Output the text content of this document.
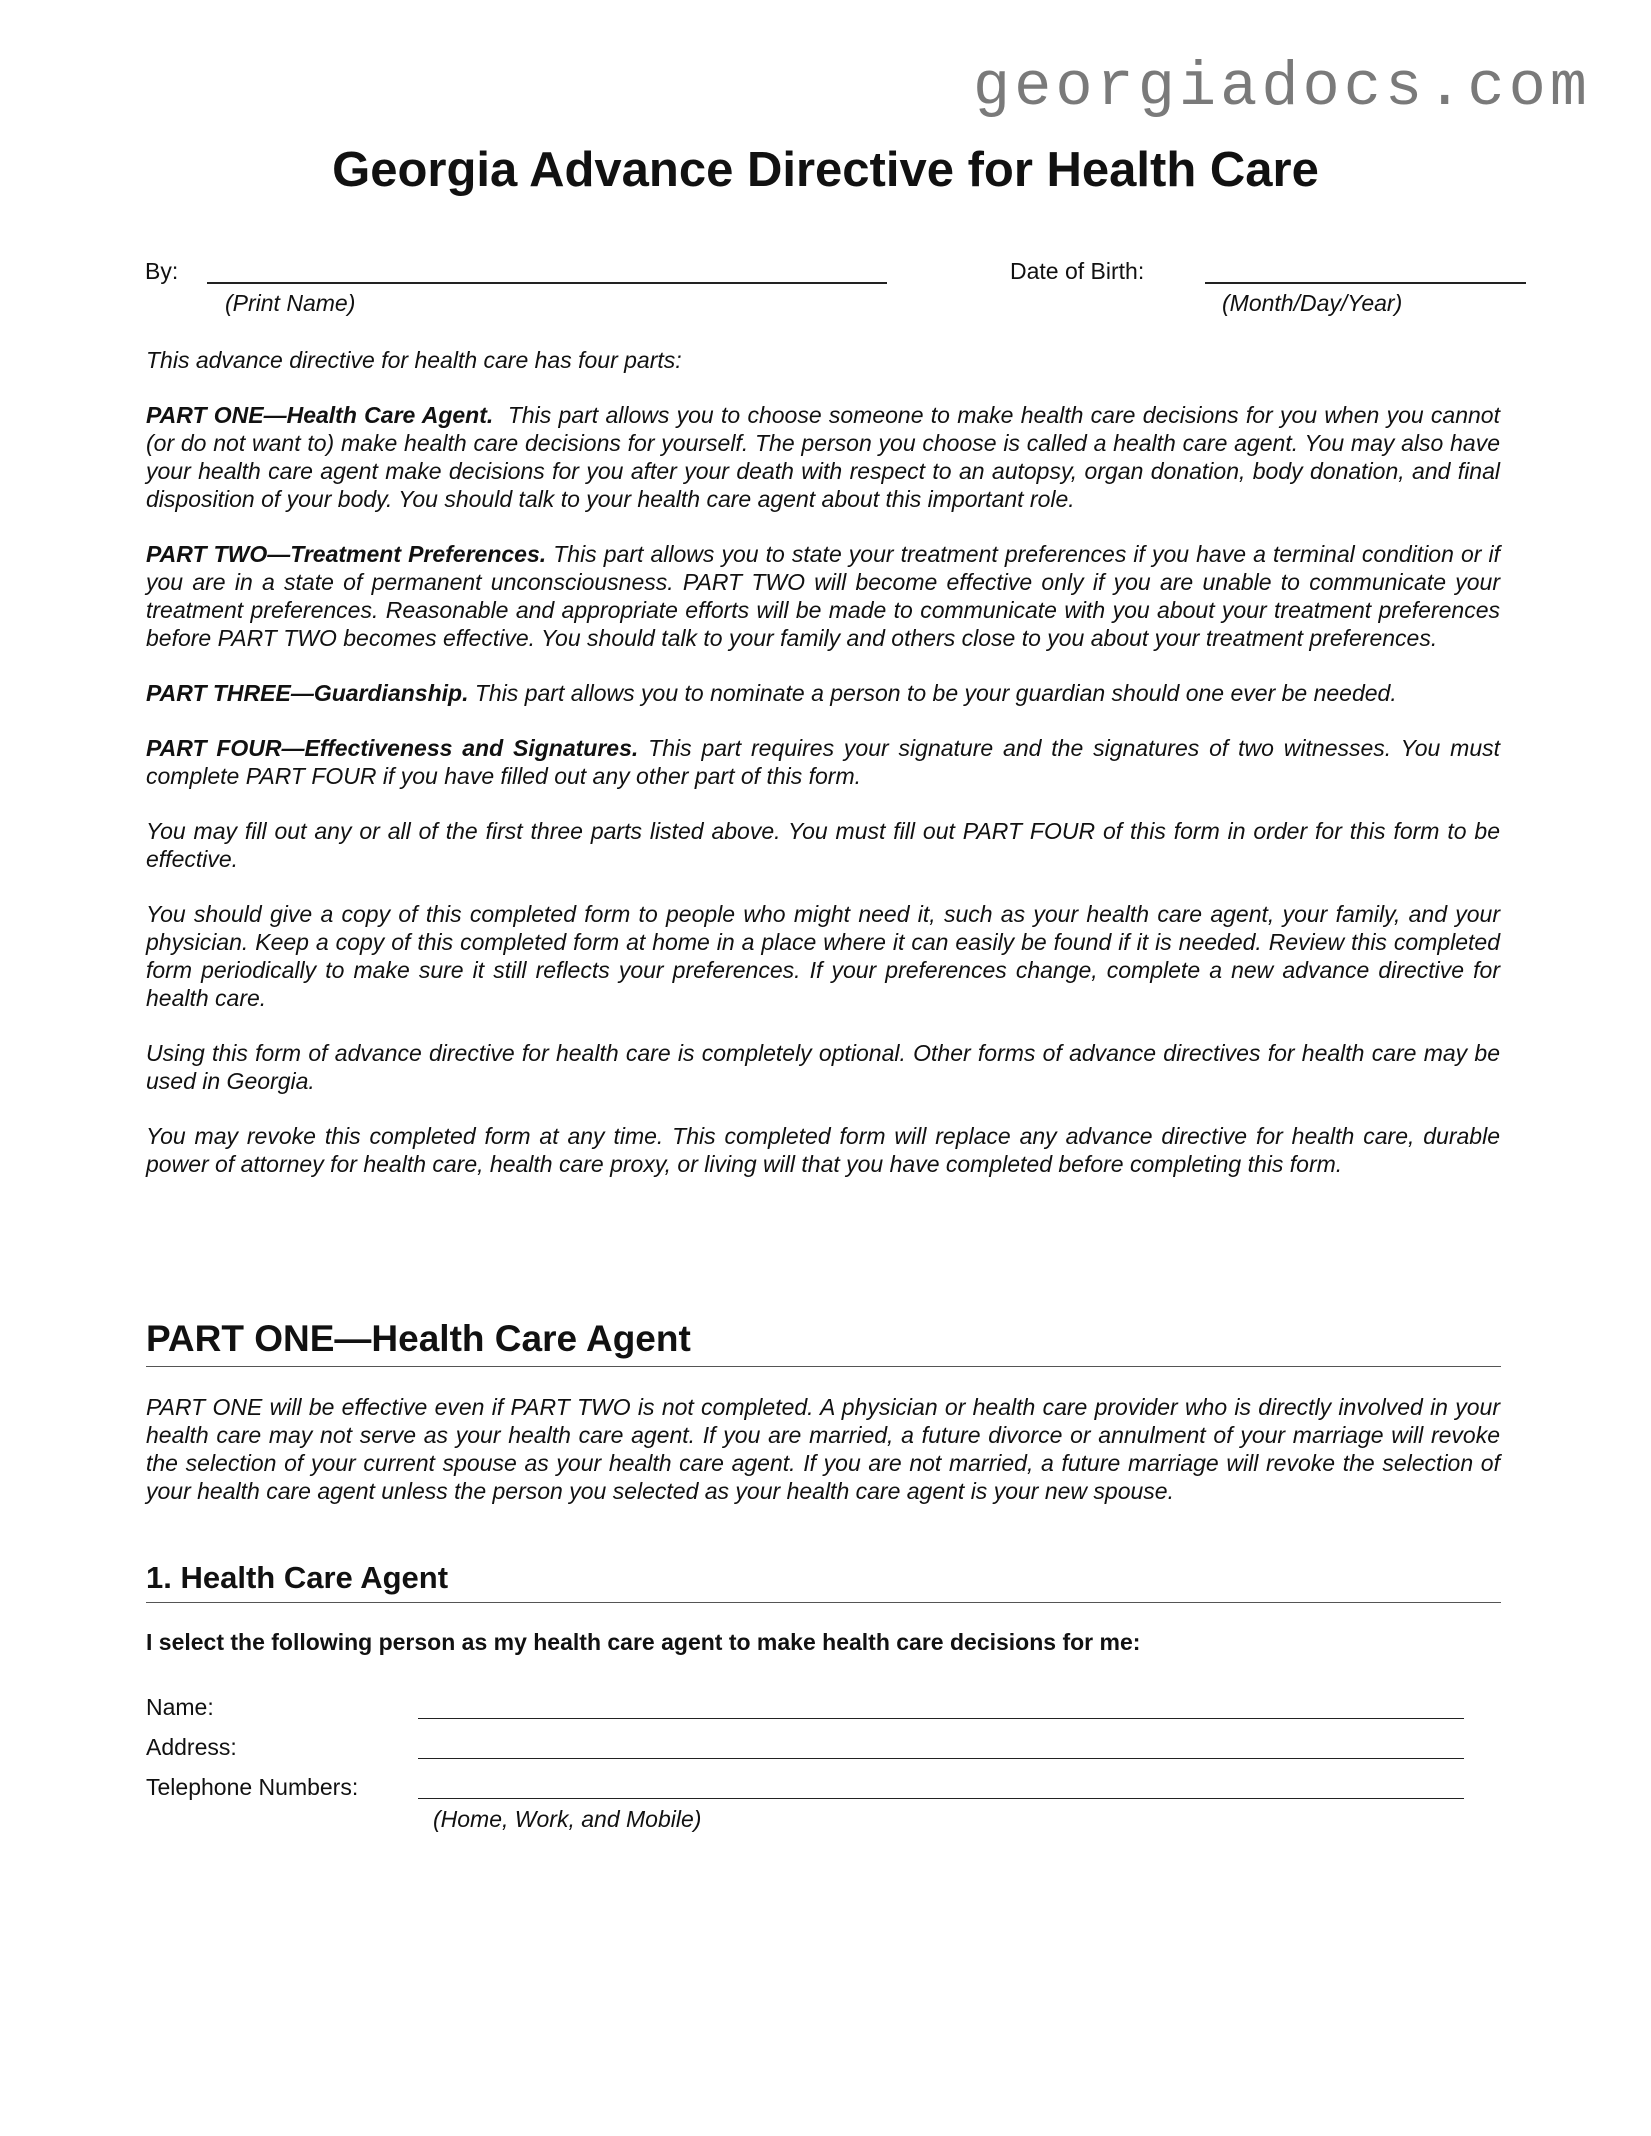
georgiadocs.com
Georgia Advance Directive for Health Care
By:
(Print Name)
Date of Birth:
(Month/Day/Year)

This advance directive for health care has four parts:

PART ONE—Health Care Agent. This part allows you to choose someone to make health care decisions for you when you cannot (or do not want to) make health care decisions for yourself. The person you choose is called a health care agent. You may also have your health care agent make decisions for you after your death with respect to an autopsy, organ donation, body donation, and final disposition of your body. You should talk to your health care agent about this important role.

PART TWO—Treatment Preferences. This part allows you to state your treatment preferences if you have a terminal condition or if you are in a state of permanent unconsciousness. PART TWO will become effective only if you are unable to communicate your treatment preferences. Reasonable and appropriate efforts will be made to communicate with you about your treatment preferences before PART TWO becomes effective. You should talk to your family and others close to you about your treatment preferences.

PART THREE—Guardianship. This part allows you to nominate a person to be your guardian should one ever be needed.

PART FOUR—Effectiveness and Signatures. This part requires your signature and the signatures of two witnesses. You must complete PART FOUR if you have filled out any other part of this form.

You may fill out any or all of the first three parts listed above. You must fill out PART FOUR of this form in order for this form to be effective.

You should give a copy of this completed form to people who might need it, such as your health care agent, your family, and your physician. Keep a copy of this completed form at home in a place where it can easily be found if it is needed. Review this completed form periodically to make sure it still reflects your preferences. If your preferences change, complete a new advance directive for health care.

Using this form of advance directive for health care is completely optional. Other forms of advance directives for health care may be used in Georgia.

You may revoke this completed form at any time. This completed form will replace any advance directive for health care, durable power of attorney for health care, health care proxy, or living will that you have completed before completing this form.

PART ONE—Health Care Agent

PART ONE will be effective even if PART TWO is not completed. A physician or health care provider who is directly involved in your health care may not serve as your health care agent. If you are married, a future divorce or annulment of your marriage will revoke the selection of your current spouse as your health care agent. If you are not married, a future marriage will revoke the selection of your health care agent unless the person you selected as your health care agent is your new spouse.

1. Health Care Agent
I select the following person as my health care agent to make health care decisions for me:
Name:
Address:
Telephone Numbers:
(Home, Work, and Mobile)
